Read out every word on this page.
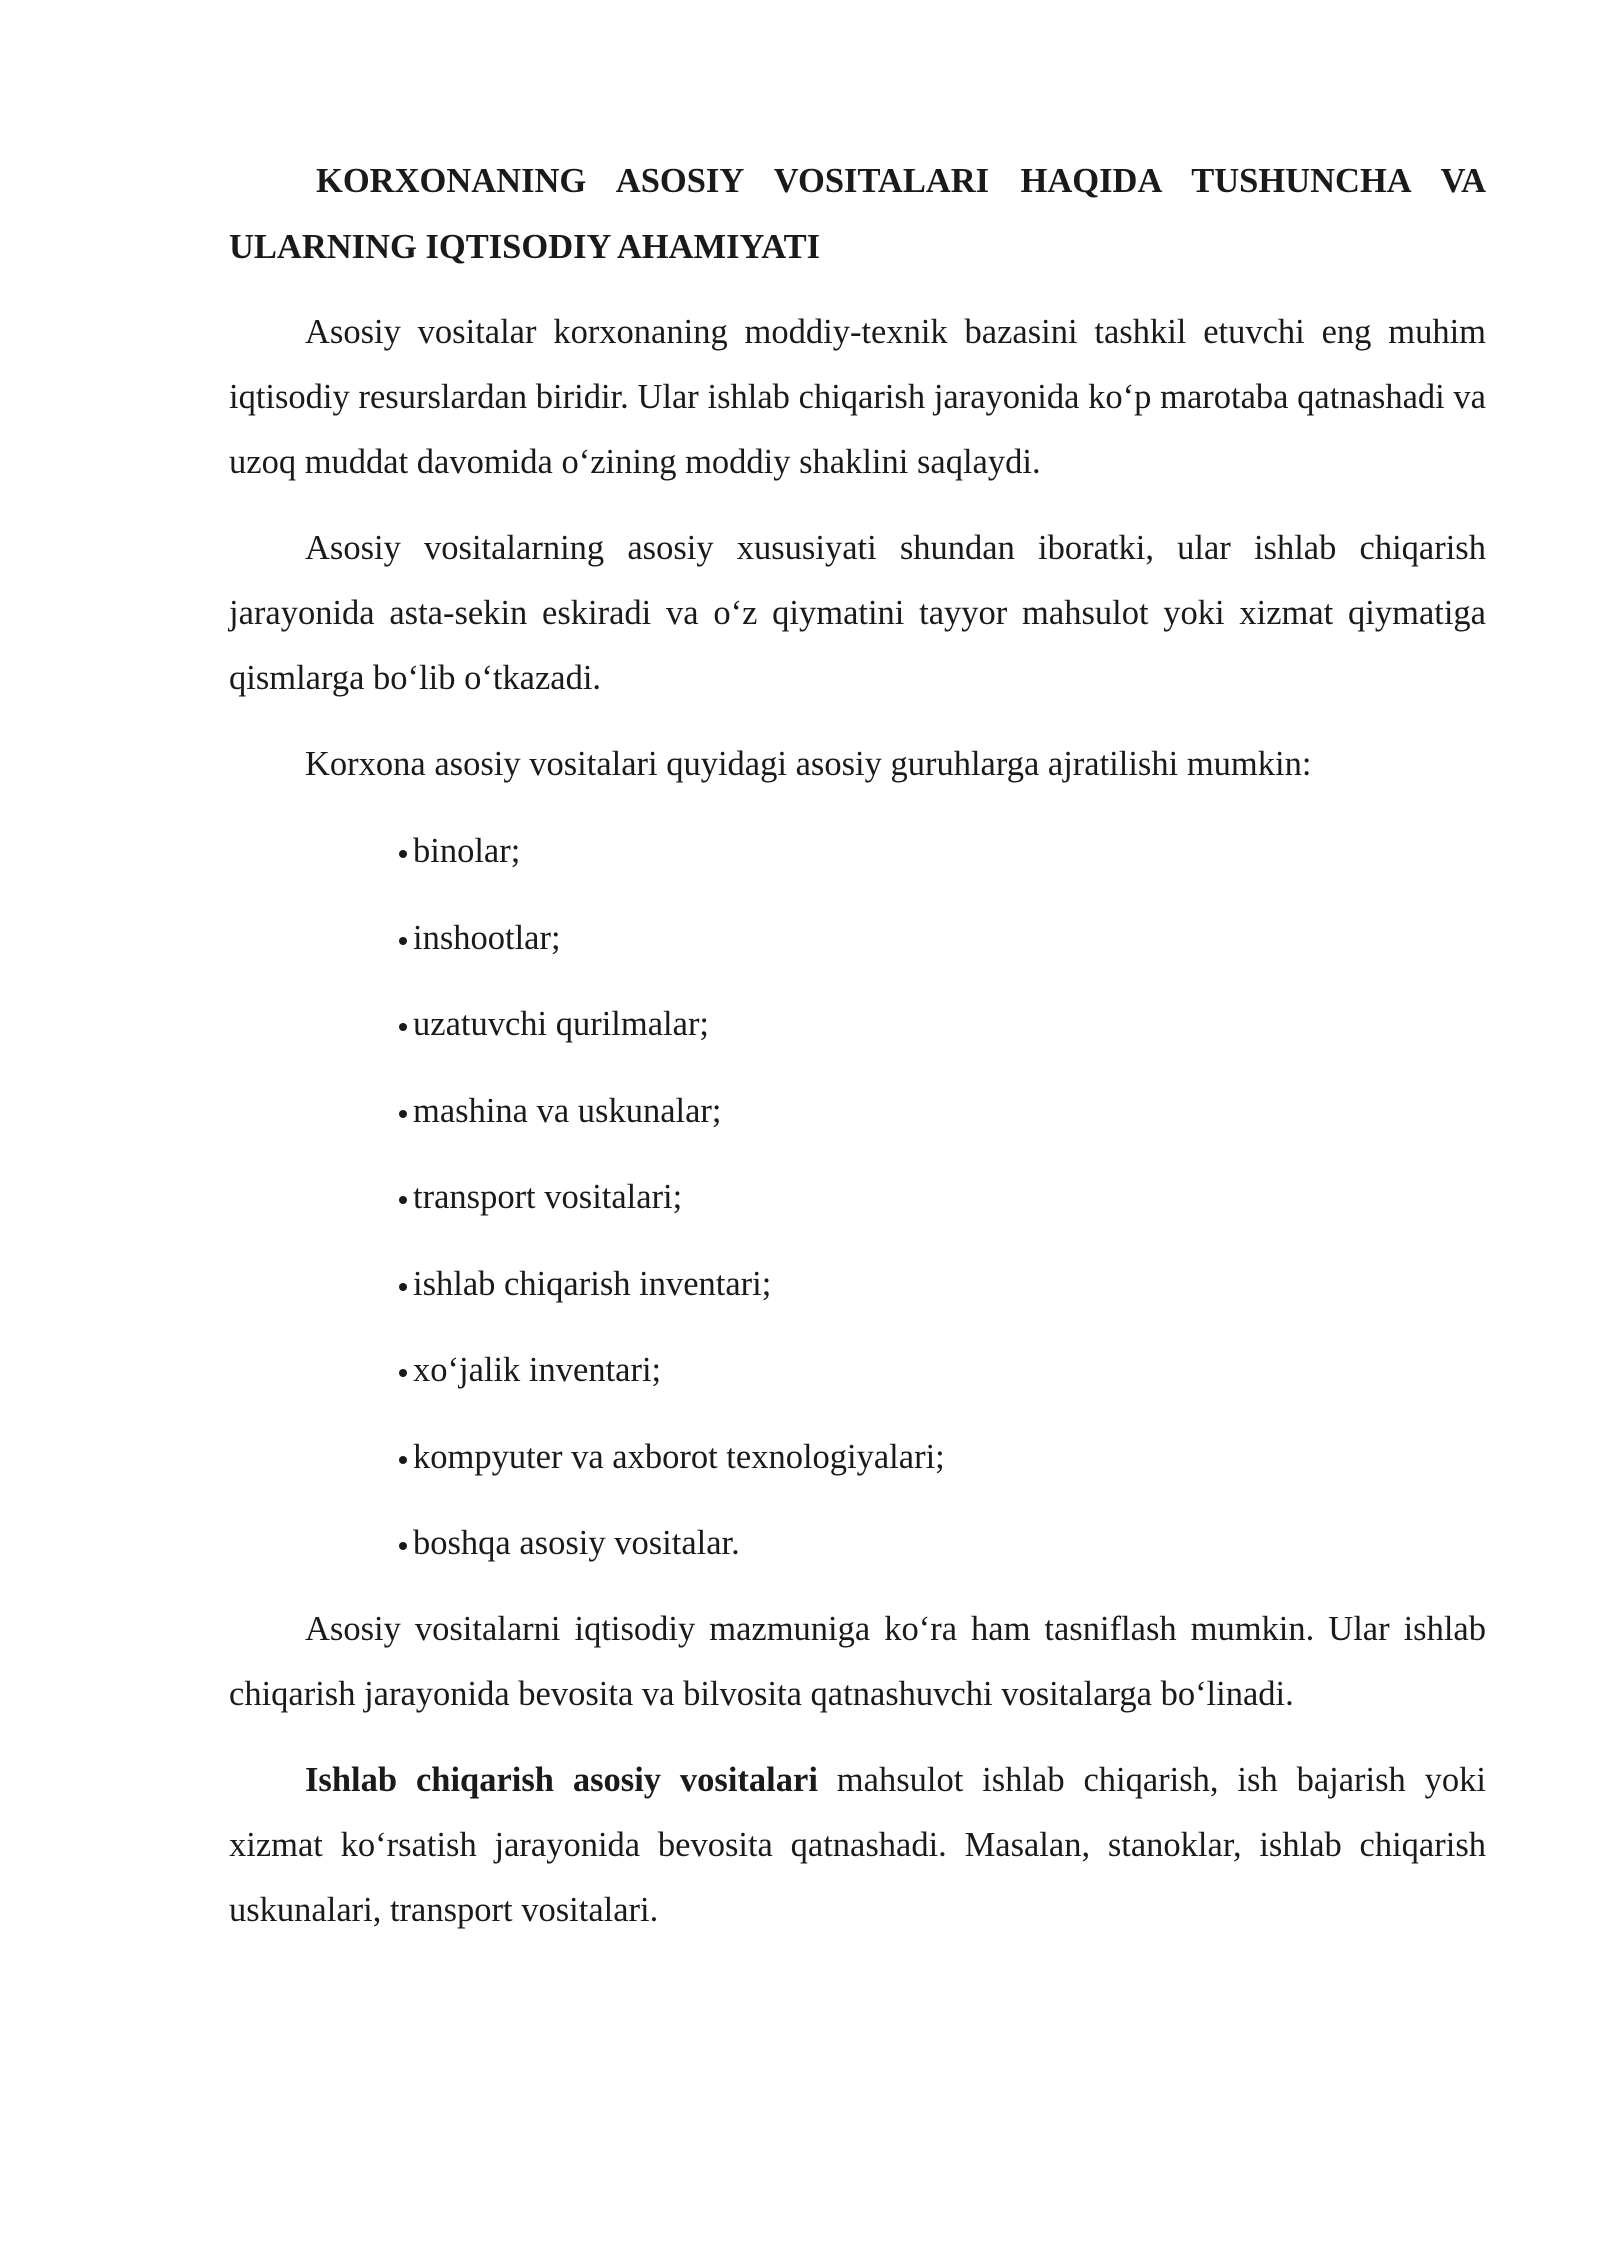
KORXONANING ASOSIY VOSITALARI HAQIDA TUSHUNCHA VA
ULARNING IQTISODIY AHAMIYATI

Asosiy vositalar korxonaning moddiy-texnik bazasini tashkil etuvchi eng muhim iqtisodiy resurslardan biridir. Ular ishlab chiqarish jarayonida ko‘p marotaba qatnashadi va uzoq muddat davomida o‘zining moddiy shaklini saqlaydi.

Asosiy vositalarning asosiy xususiyati shundan iboratki, ular ishlab chiqarish jarayonida asta-sekin eskiradi va o‘z qiymatini tayyor mahsulot yoki xizmat qiymatiga qismlarga bo‘lib o‘tkazadi.

Korxona asosiy vositalari quyidagi asosiy guruhlarga ajratilishi mumkin:

binolar;
inshootlar;
uzatuvchi qurilmalar;
mashina va uskunalar;
transport vositalari;
ishlab chiqarish inventari;
xo‘jalik inventari;
kompyuter va axborot texnologiyalari;
boshqa asosiy vositalar.

Asosiy vositalarni iqtisodiy mazmuniga ko‘ra ham tasniflash mumkin. Ular ishlab chiqarish jarayonida bevosita va bilvosita qatnashuvchi vositalarga bo‘linadi.

Ishlab chiqarish asosiy vositalari mahsulot ishlab chiqarish, ish bajarish yoki xizmat ko‘rsatish jarayonida bevosita qatnashadi. Masalan, stanoklar, ishlab chiqarish uskunalari, transport vositalari.
